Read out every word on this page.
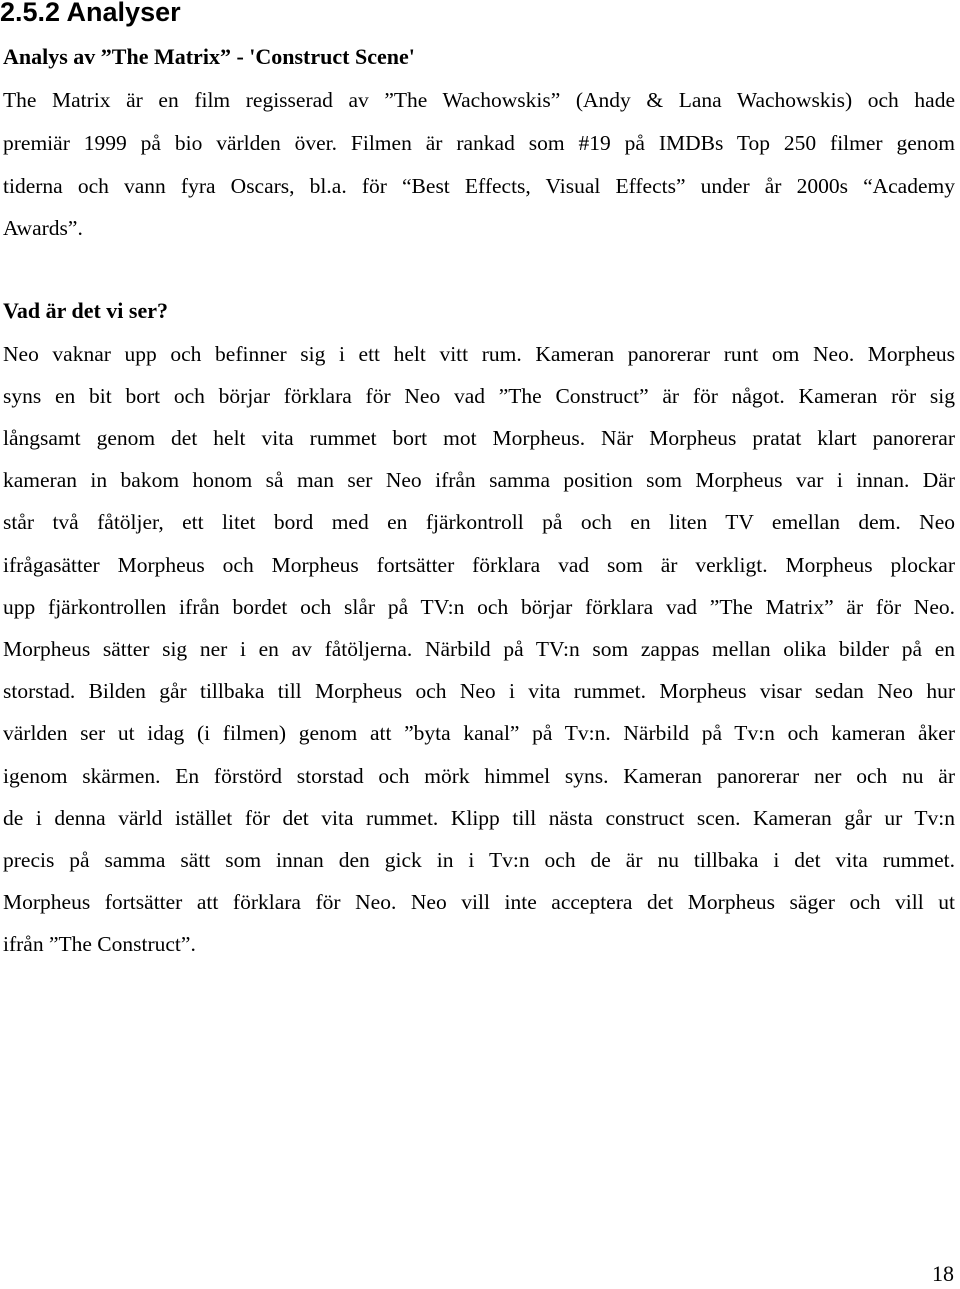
2.5.2 Analyser
Analys av ”The Matrix” - 'Construct Scene'

The Matrix är en film regisserad av ”The Wachowskis” (Andy & Lana Wachowskis) och hade

premiär 1999 på bio världen över. Filmen är rankad som #19 på IMDBs Top 250 filmer genom

tiderna och vann fyra Oscars, bl.a. för “Best Effects, Visual Effects” under år 2000s “Academy

Awards”.

Vad är det vi ser?

Neo vaknar upp och befinner sig i ett helt vitt rum. Kameran panorerar runt om Neo. Morpheus

syns en bit bort och börjar förklara för Neo vad ”The Construct” är för något. Kameran rör sig

långsamt genom det helt vita rummet bort mot Morpheus. När Morpheus pratat klart panorerar

kameran in bakom honom så man ser Neo ifrån samma position som Morpheus var i innan. Där

står två fåtöljer, ett litet bord med en fjärkontroll på och en liten TV emellan dem. Neo

ifrågasätter Morpheus och Morpheus fortsätter förklara vad som är verkligt. Morpheus plockar

upp fjärkontrollen ifrån bordet och slår på TV:n och börjar förklara vad ”The Matrix” är för Neo.

Morpheus sätter sig ner i en av fåtöljerna. Närbild på TV:n som zappas mellan olika bilder på en

storstad. Bilden går tillbaka till Morpheus och Neo i vita rummet. Morpheus visar sedan Neo hur

världen ser ut idag (i filmen) genom att ”byta kanal” på Tv:n. Närbild på Tv:n och kameran åker

igenom skärmen. En förstörd storstad och mörk himmel syns. Kameran panorerar ner och nu är

de i denna värld istället för det vita rummet. Klipp till nästa construct scen. Kameran går ur Tv:n

precis på samma sätt som innan den gick in i Tv:n och de är nu tillbaka i det vita rummet.

Morpheus fortsätter att förklara för Neo. Neo vill inte acceptera det Morpheus säger och vill ut

ifrån ”The Construct”.

18
